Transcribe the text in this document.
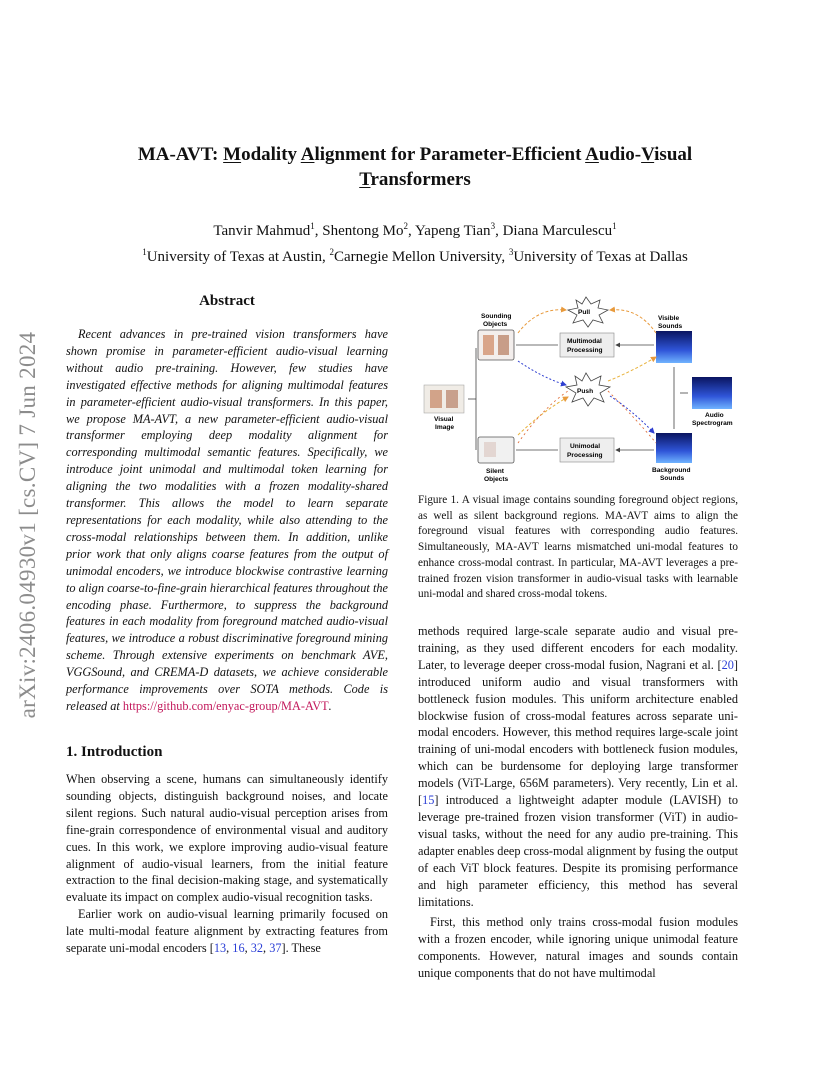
arXiv:2406.04930v1 [cs.CV] 7 Jun 2024
MA-AVT: Modality Alignment for Parameter-Efficient Audio-Visual
Transformers
Tanvir Mahmud$^1$, Shentong Mo$^2$, Yapeng Tian$^3$, Diana Marculescu$^1$
$^1$University of Texas at Austin, $^2$Carnegie Mellon University, $^3$University of Texas at Dallas
Abstract

Recent advances in pre-trained vision transformers have shown promise in parameter-efficient audio-visual learning without audio pre-training. However, few studies have investigated effective methods for aligning multimodal features in parameter-efficient audio-visual transformers. In this paper, we propose MA-AVT, a new parameter-efficient audio-visual transformer employing deep modality alignment for corresponding multimodal semantic features. Specifically, we introduce joint unimodal and multimodal token learning for aligning the two modalities with a frozen modality-shared transformer. This allows the model to learn separate representations for each modality, while also attending to the cross-modal relationships between them. In addition, unlike prior work that only aligns coarse features from the output of unimodal encoders, we introduce blockwise contrastive learning to align coarse-to-fine-grain hierarchical features throughout the encoding phase. Furthermore, to suppress the background features in each modality from foreground matched audio-visual features, we introduce a robust discriminative foreground mining scheme. Through extensive experiments on benchmark AVE, VGGSound, and CREMA-D datasets, we achieve considerable performance improvements over SOTA methods. Code is released at https://github.com/enyac-group/MA-AVT.

1. Introduction

When observing a scene, humans can simultaneously identify sounding objects, distinguish background noises, and locate silent regions. Such natural audio-visual perception arises from fine-grain correspondence of environmental visual and auditory cues. In this work, we explore improving audio-visual feature alignment of audio-visual learners, from the initial feature extraction to the final decision-making stage, and systematically evaluate its impact on complex audio-visual recognition tasks.

Earlier work on audio-visual learning primarily focused on late multi-modal feature alignment by extracting features from separate uni-modal encoders [13, 16, 32, 37]. These

Pull
Push
Sounding
Objects
Visible
Sounds
Multimodal
Processing
Visual
Image
Audio
Spectrogram
Silent
Objects
Background
Sounds
Unimodal
Processing

Figure 1. A visual image contains sounding foreground object regions, as well as silent background regions. MA-AVT aims to align the foreground visual features with corresponding audio features. Simultaneously, MA-AVT learns mismatched uni-modal features to enhance cross-modal contrast. In particular, MA-AVT leverages a pre-trained frozen vision transformer in audio-visual tasks with learnable uni-modal and shared cross-modal tokens.

methods required large-scale separate audio and visual pre-training, as they used different encoders for each modality. Later, to leverage deeper cross-modal fusion, Nagrani et al. [20] introduced uniform audio and visual transformers with bottleneck fusion modules. This uniform architecture enabled blockwise fusion of cross-modal features across separate uni-modal encoders. However, this method requires large-scale joint training of uni-modal encoders with bottleneck fusion modules, which can be burdensome for deploying large transformer models (ViT-Large, 656M parameters). Very recently, Lin et al. [15] introduced a lightweight adapter module (LAVISH) to leverage pre-trained frozen vision transformer (ViT) in audio-visual tasks, without the need for any audio pre-training. This adapter enables deep cross-modal alignment by fusing the output of each ViT block features. Despite its promising performance and high parameter efficiency, this method has several limitations.

First, this method only trains cross-modal fusion modules with a frozen encoder, while ignoring unique unimodal feature components. However, natural images and sounds contain unique components that do not have multimodal
